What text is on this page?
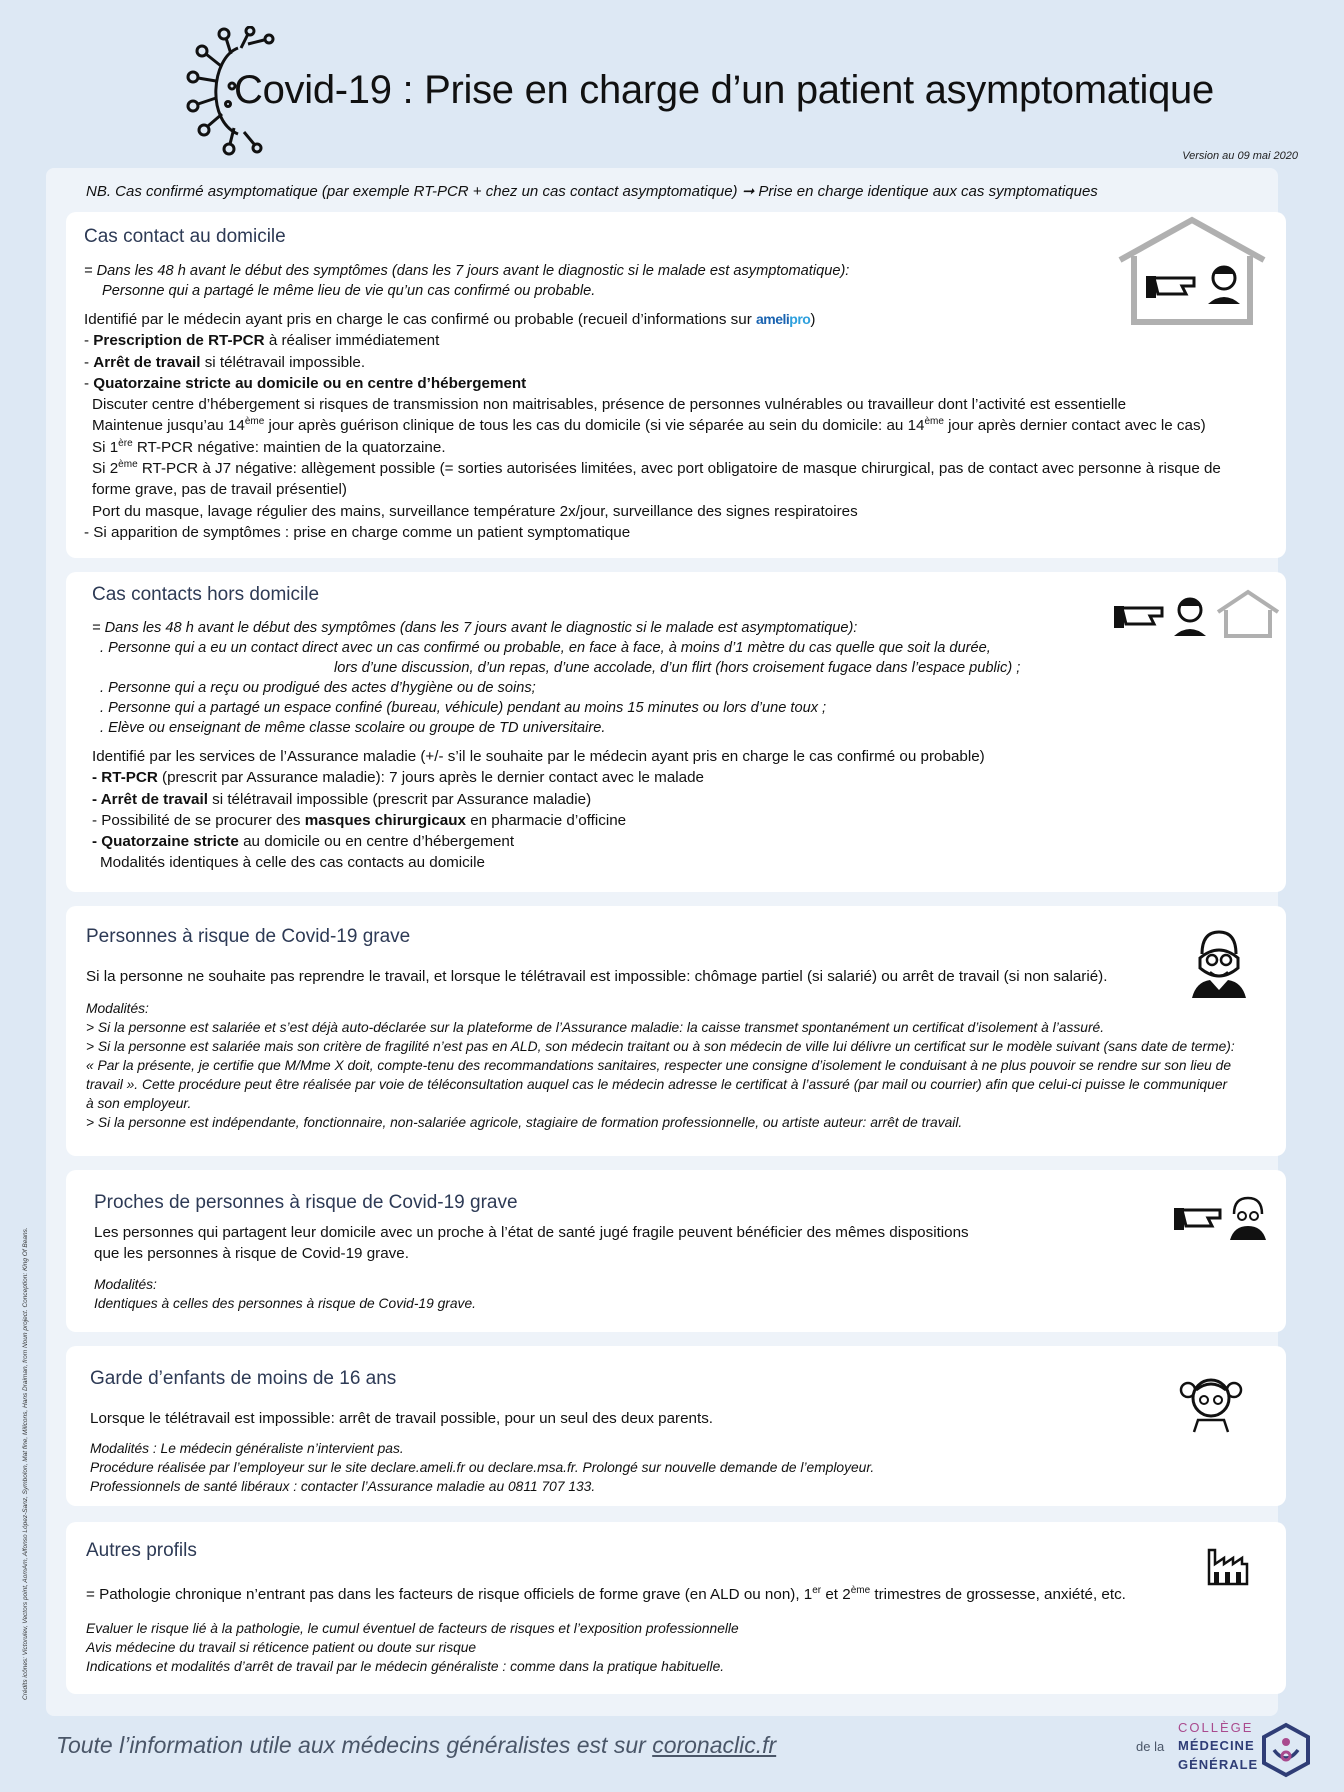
Covid-19 : Prise en charge d’un patient asymptomatique
Version au 09 mai 2020
NB. Cas confirmé asymptomatique (par exemple RT-PCR + chez un cas contact asymptomatique) ➞ Prise en charge identique aux cas symptomatiques
Cas contact au domicile

= Dans les 48 h avant le début des symptômes (dans les 7 jours avant le diagnostic si le malade est asymptomatique):

Personne qui a partagé le même lieu de vie qu’un cas confirmé ou probable.

Identifié par le médecin ayant pris en charge le cas confirmé ou probable (recueil d’informations sur amelipro)

- Prescription de RT-PCR à réaliser immédiatement

- Arrêt de travail si télétravail impossible.

- Quatorzaine stricte au domicile ou en centre d’hébergement

Discuter centre d’hébergement si risques de transmission non maitrisables, présence de personnes vulnérables ou travailleur dont l’activité est essentielle

Maintenue jusqu’au 14ème jour après guérison clinique de tous les cas du domicile (si vie séparée au sein du domicile: au 14ème jour après dernier contact avec le cas)

Si 1ère RT-PCR négative: maintien de la quatorzaine.

Si 2ème RT-PCR à J7 négative: allègement possible (= sorties autorisées limitées, avec port obligatoire de masque chirurgical, pas de contact avec personne à risque de

forme grave, pas de travail présentiel)

Port du masque, lavage régulier des mains, surveillance température 2x/jour, surveillance des signes respiratoires

- Si apparition de symptômes : prise en charge comme un patient symptomatique

Cas contacts hors domicile

= Dans les 48 h avant le début des symptômes (dans les 7 jours avant le diagnostic si le malade est asymptomatique):

. Personne qui a eu un contact direct avec un cas confirmé ou probable, en face à face, à moins d’1 mètre du cas quelle que soit la durée,

lors d’une discussion, d’un repas, d’une accolade, d’un flirt (hors croisement fugace dans l’espace public) ;

. Personne qui a reçu ou prodigué des actes d’hygiène ou de soins;

. Personne qui a partagé un espace confiné (bureau, véhicule) pendant au moins 15 minutes ou lors d’une toux ;

. Elève ou enseignant de même classe scolaire ou groupe de TD universitaire.

Identifié par les services de l’Assurance maladie (+/- s’il le souhaite par le médecin ayant pris en charge le cas confirmé ou probable)

- RT-PCR (prescrit par Assurance maladie): 7 jours après le dernier contact avec le malade

- Arrêt de travail si télétravail impossible (prescrit par Assurance maladie)

- Possibilité de se procurer des masques chirurgicaux en pharmacie d’officine

- Quatorzaine stricte au domicile ou en centre d’hébergement

Modalités identiques à celle des cas contacts au domicile

Personnes à risque de Covid-19 grave

Si la personne ne souhaite pas reprendre le travail, et lorsque le télétravail est impossible: chômage partiel (si salarié) ou arrêt de travail (si non salarié).

Modalités:

> Si la personne est salariée et s’est déjà auto-déclarée sur la plateforme de l’Assurance maladie: la caisse transmet spontanément un certificat d’isolement à l’assuré.

> Si la personne est salariée mais son critère de fragilité n’est pas en ALD, son médecin traitant ou à son médecin de ville lui délivre un certificat sur le modèle suivant (sans date de terme): « Par la présente, je certifie que M/Mme X doit, compte-tenu des recommandations sanitaires, respecter une consigne d’isolement le conduisant à ne plus pouvoir se rendre sur son lieu de travail ». Cette procédure peut être réalisée par voie de téléconsultation auquel cas le médecin adresse le certificat à l’assuré (par mail ou courrier) afin que celui-ci puisse le communiquer à son employeur.

> Si la personne est indépendante, fonctionnaire, non-salariée agricole, stagiaire de formation professionnelle, ou artiste auteur: arrêt de travail.

Proches de personnes à risque de Covid-19 grave

Les personnes qui partagent leur domicile avec un proche à l’état de santé jugé fragile peuvent bénéficier des mêmes dispositions

que les personnes à risque de Covid-19 grave.

Modalités:

Identiques à celles des personnes à risque de Covid-19 grave.

Garde d’enfants de moins de 16 ans

Lorsque le télétravail est impossible: arrêt de travail possible, pour un seul des deux parents.

Modalités : Le médecin généraliste n’intervient pas.

Procédure réalisée par l’employeur sur le site declare.ameli.fr ou declare.msa.fr. Prolongé sur nouvelle demande de l’employeur.

Professionnels de santé libéraux : contacter l’Assurance maladie au 0811 707 133.

Autres profils

= Pathologie chronique n’entrant pas dans les facteurs de risque officiels de forme grave (en ALD ou non), 1er et 2ème trimestres de grossesse, anxiété, etc.

Evaluer le risque lié à la pathologie, le cumul éventuel de facteurs de risques et l’exposition professionnelle

Avis médecine du travail si réticence patient ou doute sur risque

Indications et modalités d’arrêt de travail par le médecin généraliste : comme dans la pratique habituelle.

Toute l’information utile aux médecins généralistes est sur coronaclic.fr
COLLÈGE
de la MÉDECINE
GÉNÉRALE
Crédits icônes: Victorulev, Vectors point, AomAm, Alfonso López-Sanz, Symbolon, Mat fine, Milicons, Hans Draiman, from Noun project. Conception: King Of Beans.
